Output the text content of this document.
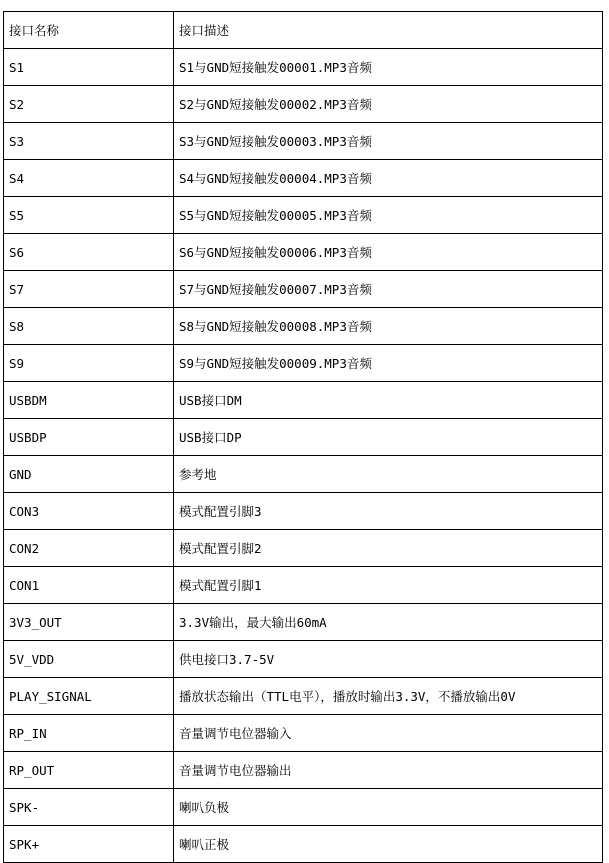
接口名称	接口描述
S1	S1与GND短接触发00001.MP3音频
S2	S2与GND短接触发00002.MP3音频
S3	S3与GND短接触发00003.MP3音频
S4	S4与GND短接触发00004.MP3音频
S5	S5与GND短接触发00005.MP3音频
S6	S6与GND短接触发00006.MP3音频
S7	S7与GND短接触发00007.MP3音频
S8	S8与GND短接触发00008.MP3音频
S9	S9与GND短接触发00009.MP3音频
USBDM	USB接口DM
USBDP	USB接口DP
GND	参考地
CON3	模式配置引脚3
CON2	模式配置引脚2
CON1	模式配置引脚1
3V3_OUT	3.3V输出，最大输出60mA
5V_VDD	供电接口3.7-5V
PLAY_SIGNAL	播放状态输出（TTL电平），播放时输出3.3V，不播放输出0V
RP_IN	音量调节电位器输入
RP_OUT	音量调节电位器输出
SPK-	喇叭负极
SPK+	喇叭正极
